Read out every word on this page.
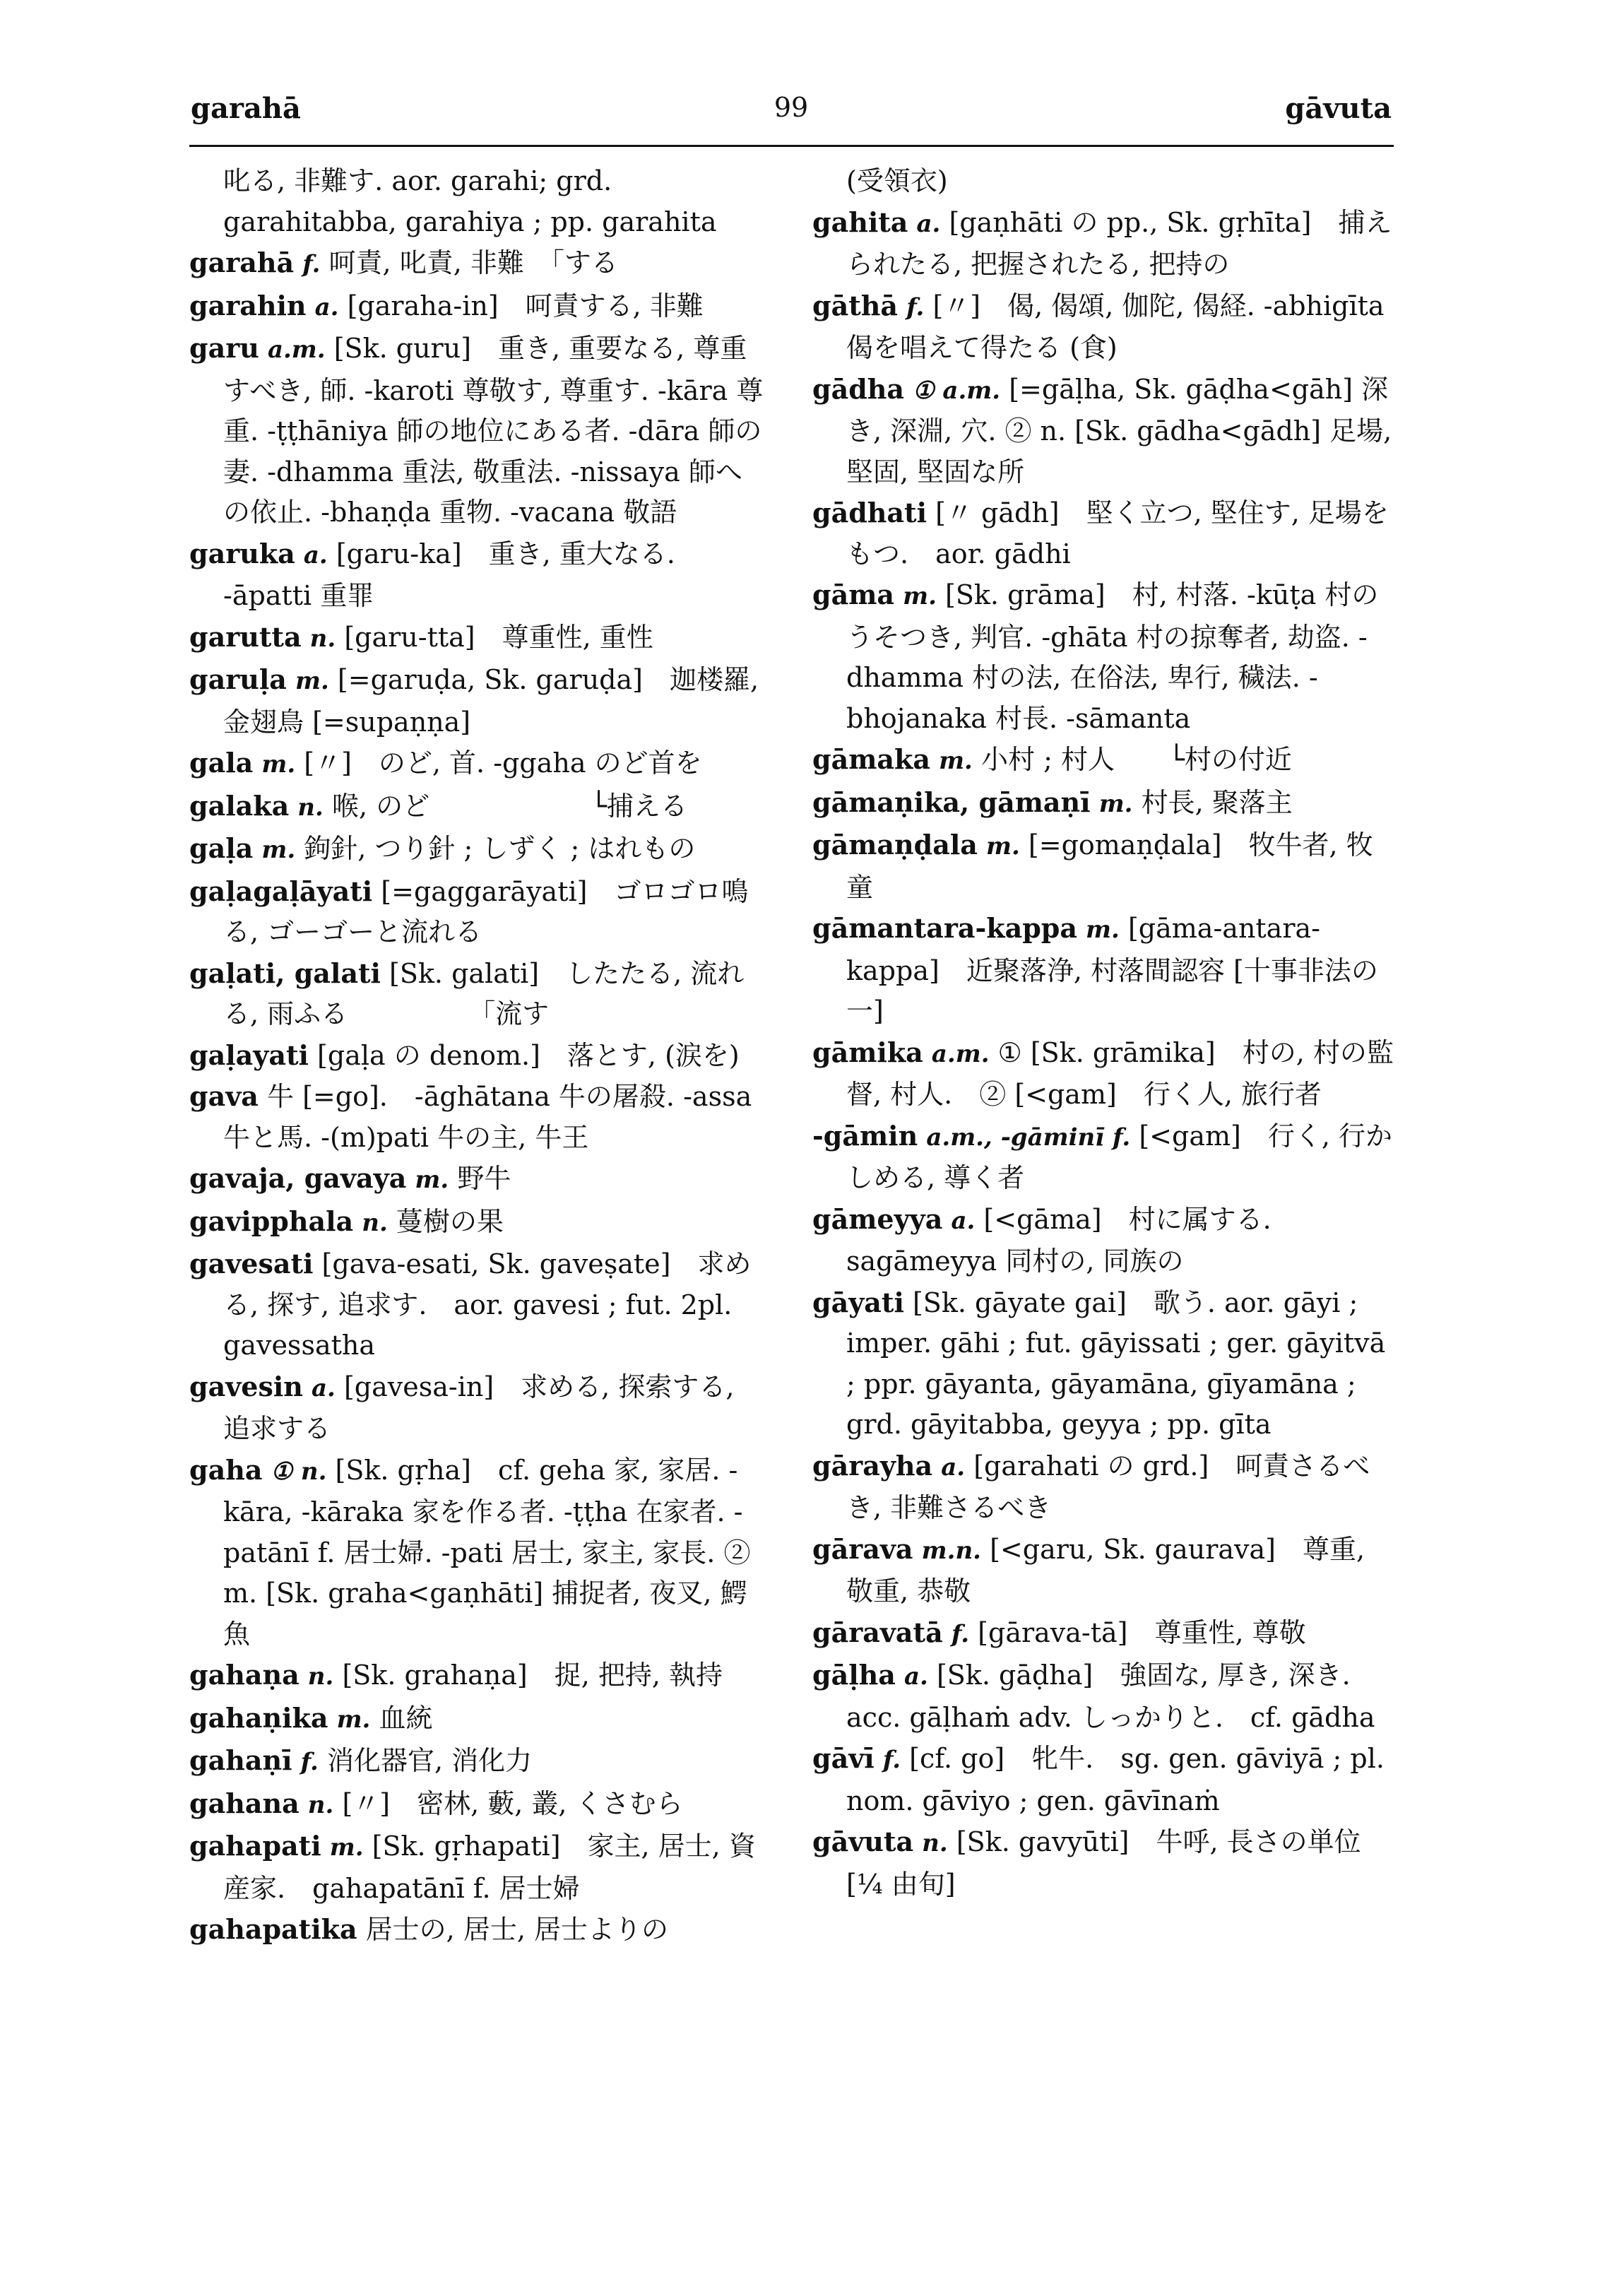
garahā	99	gāvuta
叱る, 非難す. aor. garahi; grd. garahitabba, garahiya ; pp. garahita
garahā f. 呵責, 叱責, 非難　「する
garahin a. [garaha-in]　呵責する, 非難
garu a.m. [Sk. guru]　重き, 重要なる, 尊重すべき, 師. -karoti 尊敬す, 尊重す. -kāra 尊重. -ṭṭhāniya 師の地位にある者. -dāra 師の妻. -dhamma 重法, 敬重法. -nissaya 師への依止. -bhaṇḍa 重物. -vacana 敬語
garuka a. [garu-ka]　重き, 重大なる. -āpatti 重罪
garutta n. [garu-tta]　尊重性, 重性
garuḷa m. [=garuḍa, Sk. garuḍa]　迦楼羅, 金翅鳥 [=supaṇṇa]
gala m. [〃]　のど, 首. -ggaha のど首を
galaka n. 喉, のど　　　　　　└捕える
gaḷa m. 鉤針, つり針 ; しずく ; はれもの
gaḷagaḷāyati [=gaggarāyati]　ゴロゴロ鳴る, ゴーゴーと流れる
gaḷati, galati [Sk. galati]　したたる, 流れる, 雨ふる　　　　　「流す
gaḷayati [gaḷa の denom.]　落とす, (涙を)
gava 牛 [=go].　-āghātana 牛の屠殺. -assa 牛と馬. -(m)pati 牛の主, 牛王
gavaja, gavaya m. 野牛
gavipphala n. 蔓樹の果
gavesati [gava-esati, Sk. gaveṣate]　求める, 探す, 追求す.　aor. gavesi ; fut. 2pl. gavessatha
gavesin a. [gavesa-in]　求める, 探索する, 追求する
gaha ① n. [Sk. gṛha]　cf. geha 家, 家居. -kāra, -kāraka 家を作る者. -ṭṭha 在家者. -patānī f. 居士婦. -pati 居士, 家主, 家長. ② m. [Sk. graha<gaṇhāti] 捕捉者, 夜叉, 鰐魚
gahaṇa n. [Sk. grahaṇa]　捉, 把持, 執持
gahaṇika m. 血統
gahaṇī f. 消化器官, 消化力
gahana n. [〃]　密林, 藪, 叢, くさむら
gahapati m. [Sk. gṛhapati]　家主, 居士, 資産家.　gahapatānī f. 居士婦
gahapatika 居士の, 居士, 居士よりの
(受領衣)
gahita a. [gaṇhāti の pp., Sk. gṛhīta]　捕えられたる, 把握されたる, 把持の
gāthā f. [〃]　偈, 偈頌, 伽陀, 偈経. -abhigīta 偈を唱えて得たる (食)
gādha ① a.m. [=gāḷha, Sk. gāḍha<gāh] 深き, 深淵, 穴. ② n. [Sk. gādha<gādh] 足場, 堅固, 堅固な所
gādhati [〃 gādh]　堅く立つ, 堅住す, 足場をもつ.　aor. gādhi
gāma m. [Sk. grāma]　村, 村落. -kūṭa 村のうそつき, 判官. -ghāta 村の掠奪者, 劫盗. -dhamma 村の法, 在俗法, 卑行, 穢法. -bhojanaka 村長. -sāmanta
gāmaka m. 小村 ; 村人　　└村の付近
gāmaṇika, gāmaṇī m. 村長, 聚落主
gāmaṇḍala m. [=gomaṇḍala]　牧牛者, 牧童
gāmantara-kappa m. [gāma-antara-kappa]　近聚落浄, 村落間認容 [十事非法の一]
gāmika a.m. ① [Sk. grāmika]　村の, 村の監督, 村人.　② [<gam]　行く人, 旅行者
-gāmin a.m., -gāminī f. [<gam]　行く, 行かしめる, 導く者
gāmeyya a. [<gāma]　村に属する. sagāmeyya 同村の, 同族の
gāyati [Sk. gāyate gai]　歌う. aor. gāyi ; imper. gāhi ; fut. gāyissati ; ger. gāyitvā ; ppr. gāyanta, gāyamāna, gīyamāna ; grd. gāyitabba, geyya ; pp. gīta
gārayha a. [garahati の grd.]　呵責さるべき, 非難さるべき
gārava m.n. [<garu, Sk. gaurava]　尊重, 敬重, 恭敬
gāravatā f. [gārava-tā]　尊重性, 尊敬
gāḷha a. [Sk. gāḍha]　強固な, 厚き, 深き.　acc. gāḷhaṁ adv. しっかりと.　cf. gādha
gāvī f. [cf. go]　牝牛.　sg. gen. gāviyā ; pl. nom. gāviyo ; gen. gāvīnaṁ
gāvuta n. [Sk. gavyūti]　牛呼, 長さの単位 [¼ 由旬]
